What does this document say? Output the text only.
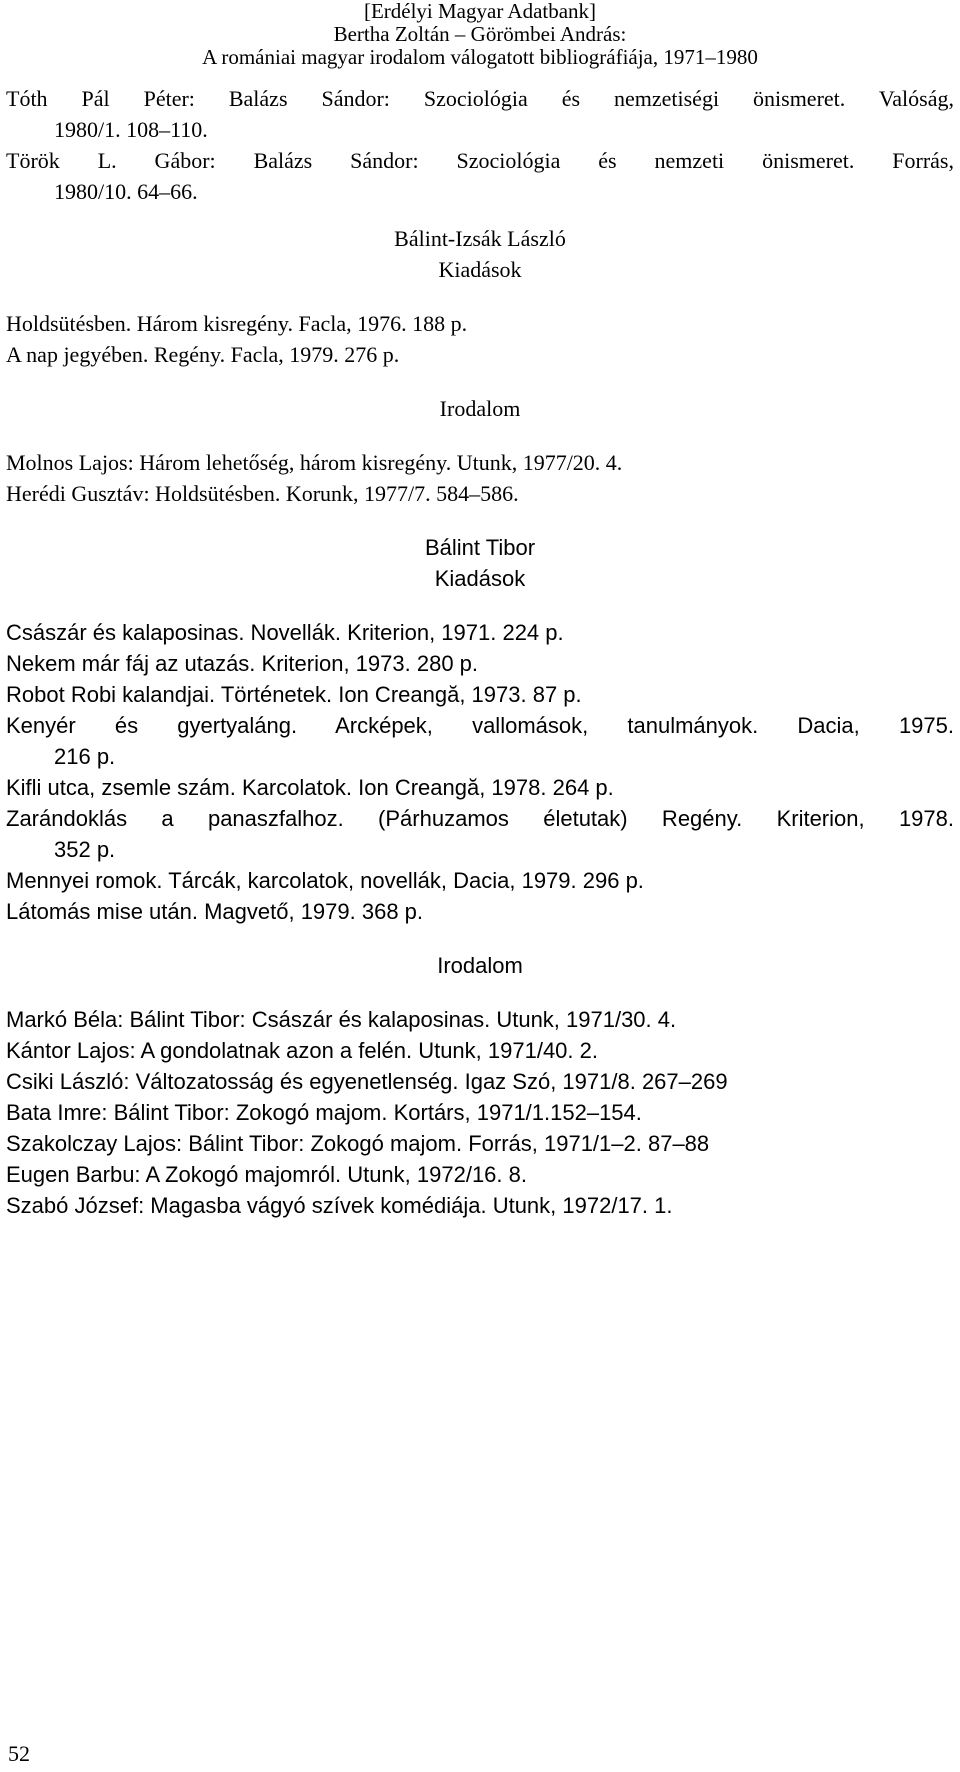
[Erdélyi Magyar Adatbank]
Bertha Zoltán – Görömbei András:
A romániai magyar irodalom válogatott bibliográfiája, 1971–1980
Tóth Pál Péter: Balázs Sándor: Szociológia és nemzetiségi önismeret. Valóság,
1980/1. 108–110.
Török L. Gábor: Balázs Sándor: Szociológia és nemzeti önismeret. Forrás,
1980/10. 64–66.
Bálint-Izsák László
Kiadások
Holdsütésben. Három kisregény. Facla, 1976. 188 p.
A nap jegyében. Regény. Facla, 1979. 276 p.
Irodalom
Molnos Lajos: Három lehetőség, három kisregény. Utunk, 1977/20. 4.
Herédi Gusztáv: Holdsütésben. Korunk, 1977/7. 584–586.
Bálint Tibor
Kiadások
Császár és kalaposinas. Novellák. Kriterion, 1971. 224 p.
Nekem már fáj az utazás. Kriterion, 1973. 280 p.
Robot Robi kalandjai. Történetek. Ion Creangă, 1973. 87 p.
Kenyér és gyertyaláng. Arcképek, vallomások, tanulmányok. Dacia, 1975.
216 p.
Kifli utca, zsemle szám. Karcolatok. Ion Creangă, 1978. 264 p.
Zarándoklás a panaszfalhoz. (Párhuzamos életutak) Regény. Kriterion, 1978.
352 p.
Mennyei romok. Tárcák, karcolatok, novellák, Dacia, 1979. 296 p.
Látomás mise után. Magvető, 1979. 368 p.
Irodalom
Markó Béla: Bálint Tibor: Császár és kalaposinas. Utunk, 1971/30. 4.
Kántor Lajos: A gondolatnak azon a felén. Utunk, 1971/40. 2.
Csiki László: Változatosság és egyenetlenség. Igaz Szó, 1971/8. 267–269
Bata Imre: Bálint Tibor: Zokogó majom. Kortárs, 1971/1.152–154.
Szakolczay Lajos: Bálint Tibor: Zokogó majom. Forrás, 1971/1–2. 87–88
Eugen Barbu: A Zokogó majomról. Utunk, 1972/16. 8.
Szabó József: Magasba vágyó szívek komédiája. Utunk, 1972/17. 1.
52
